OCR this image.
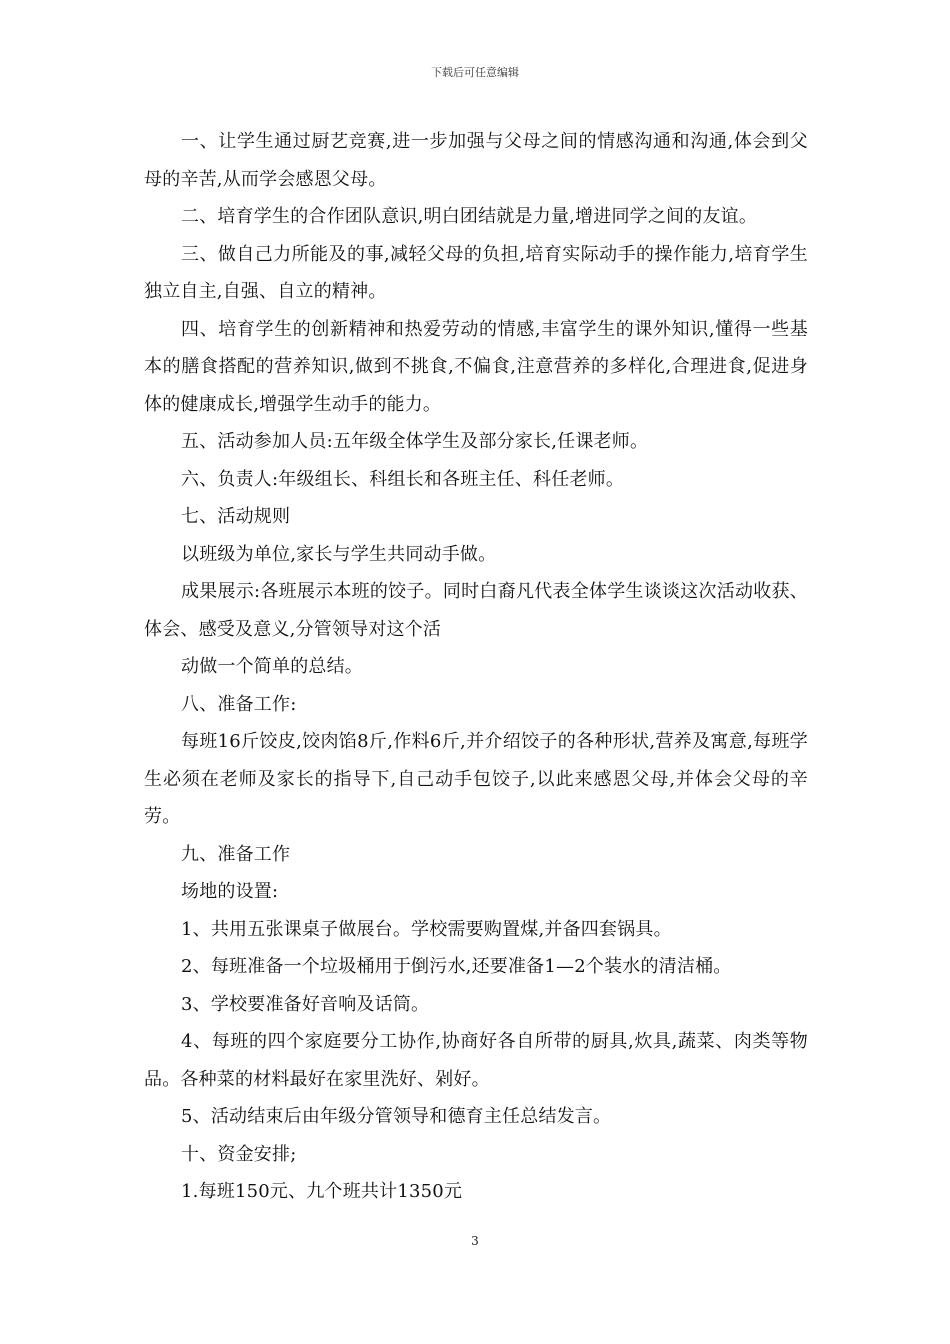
下载后可任意编辑

一、让学生通过厨艺竞赛,进一步加强与父母之间的情感沟通和沟通,体会到父母的辛苦,从而学会感恩父母。

二、培育学生的合作团队意识,明白团结就是力量,增进同学之间的友谊。

三、做自己力所能及的事,减轻父母的负担,培育实际动手的操作能力,培育学生独立自主,自强、自立的精神。

四、培育学生的创新精神和热爱劳动的情感,丰富学生的课外知识,懂得一些基本的膳食搭配的营养知识,做到不挑食,不偏食,注意营养的多样化,合理进食,促进身体的健康成长,增强学生动手的能力。

五、活动参加人员:五年级全体学生及部分家长,任课老师。

六、负责人:年级组长、科组长和各班主任、科任老师。

七、活动规则

以班级为单位,家长与学生共同动手做。

成果展示:各班展示本班的饺子。同时白裔凡代表全体学生谈谈这次活动收获、体会、感受及意义,分管领导对这个活

动做一个简单的总结。

八、准备工作:

每班16斤饺皮,饺肉馅8斤,作料6斤,并介绍饺子的各种形状,营养及寓意,每班学生必须在老师及家长的指导下,自己动手包饺子,以此来感恩父母,并体会父母的辛劳。

九、准备工作

场地的设置:

1、共用五张课桌子做展台。学校需要购置煤,并备四套锅具。

2、每班准备一个垃圾桶用于倒污水,还要准备1—2个装水的清洁桶。

3、学校要准备好音响及话筒。

4、每班的四个家庭要分工协作,协商好各自所带的厨具,炊具,蔬菜、肉类等物品。各种菜的材料最好在家里洗好、剁好。

5、活动结束后由年级分管领导和德育主任总结发言。

十、资金安排;

1.每班150元、九个班共计1350元

3
